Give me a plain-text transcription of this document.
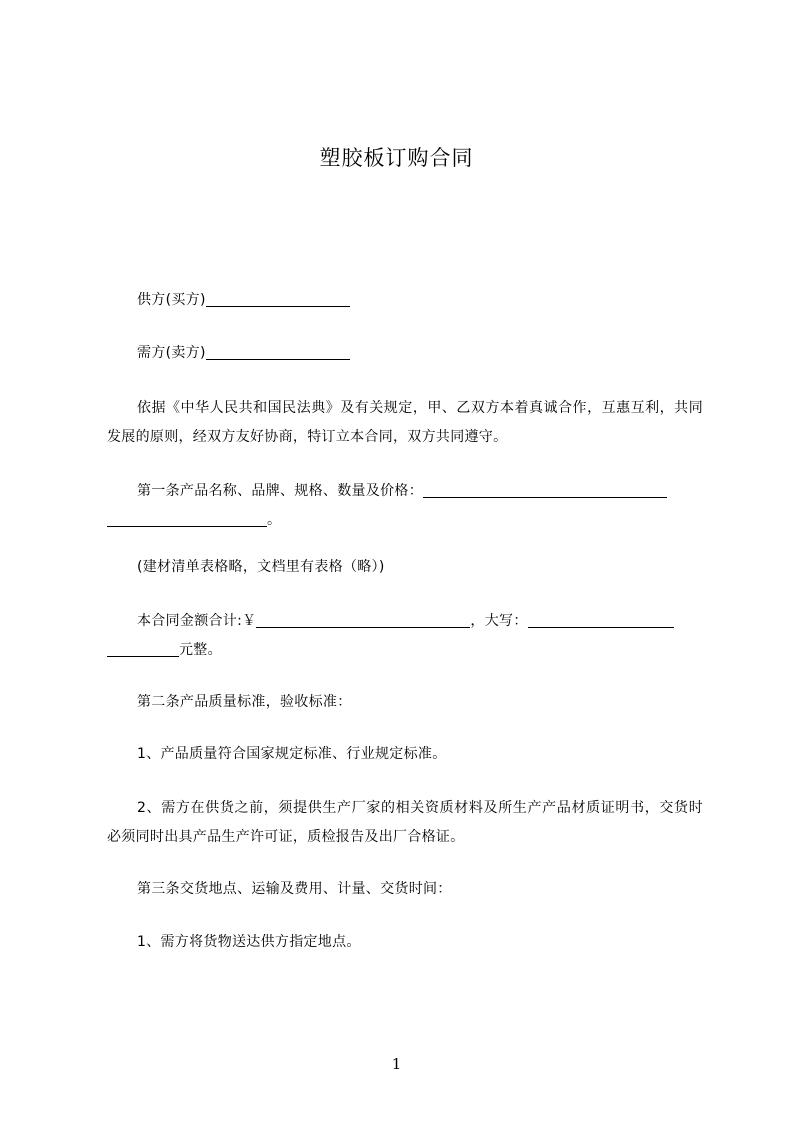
塑胶板订购合同
供方(买方)
需方(卖方)
依据《中华人民共和国民法典》及有关规定，甲、乙双方本着真诚合作，互惠互利，共同发展的原则，经双方友好协商，特订立本合同，双方共同遵守。
第一条产品名称、品牌、规格、数量及价格：
。
(建材清单表格略，文档里有表格（略）)
本合同金额合计:￥	，大写：
元整。
第二条产品质量标准，验收标准：
1、产品质量符合国家规定标准、行业规定标准。
2、需方在供货之前，须提供生产厂家的相关资质材料及所生产产品材质证明书，交货时必须同时出具产品生产许可证，质检报告及出厂合格证。
第三条交货地点、运输及费用、计量、交货时间：
1、需方将货物送达供方指定地点。
1
